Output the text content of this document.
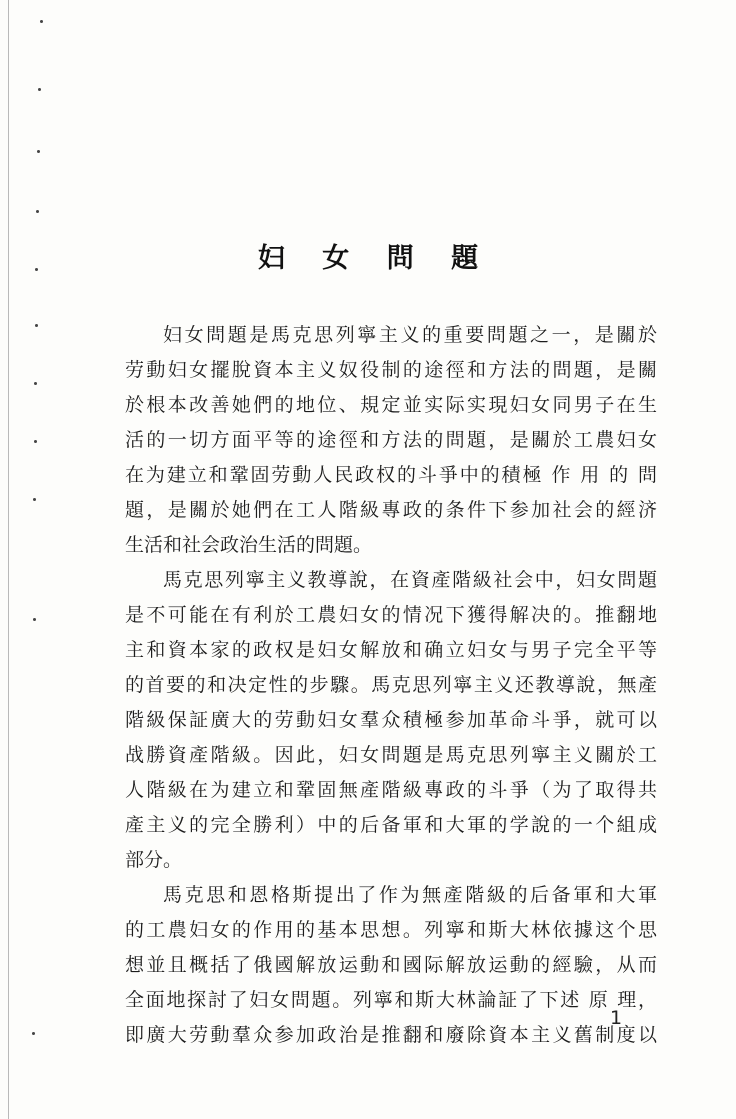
妇 女 問 題
妇女問題是馬克思列寧主义的重要問題之一，是關於
劳動妇女擺脫資本主义奴役制的途徑和方法的問題，是關
於根本改善她們的地位、規定並实际实現妇女同男子在生
活的一切方面平等的途徑和方法的問題，是關於工農妇女
在为建立和鞏固劳動人民政权的斗爭中的積極 作 用 的 問
題，是關於她們在工人階級專政的条件下参加社会的經济
生活和社会政治生活的問題。
馬克思列寧主义教導說，在資產階級社会中，妇女問題
是不可能在有利於工農妇女的情况下獲得解决的。推翻地
主和資本家的政权是妇女解放和确立妇女与男子完全平等
的首要的和决定性的步驟。馬克思列寧主义还教導說，無產
階級保証廣大的劳動妇女羣众積極参加革命斗爭，就可以
战勝資產階級。因此，妇女問題是馬克思列寧主义關於工
人階級在为建立和鞏固無產階級專政的斗爭（为了取得共
產主义的完全勝利）中的后备軍和大軍的学說的一个組成
部分。
馬克思和恩格斯提出了作为無產階級的后备軍和大軍
的工農妇女的作用的基本思想。列寧和斯大林依據这个思
想並且概括了俄國解放运動和國际解放运動的經驗，从而
全面地探討了妇女問題。列寧和斯大林論証了下述 原 理，
即廣大劳動羣众参加政治是推翻和廢除資本主义舊制度以
1
